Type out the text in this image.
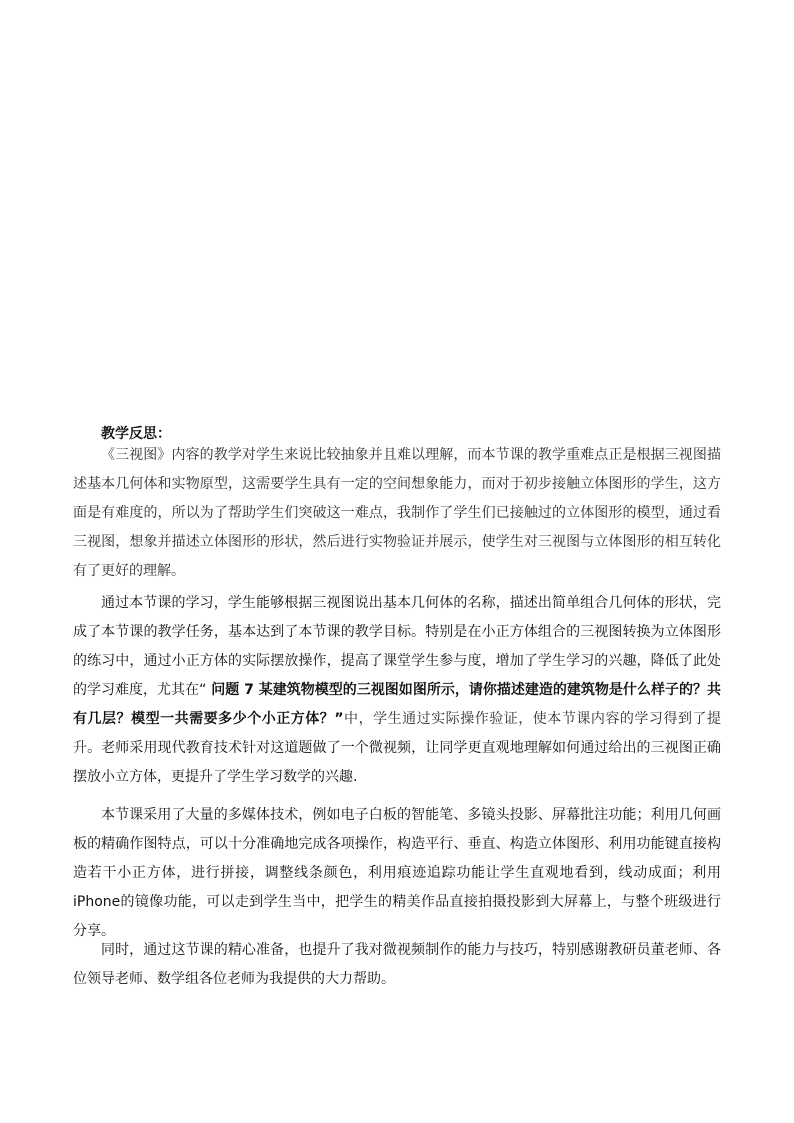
教学反思：

《三视图》内容的教学对学生来说比较抽象并且难以理解，而本节课的教学重难点正是根据三视图描述基本几何体和实物原型，这需要学生具有一定的空间想象能力，而对于初步接触立体图形的学生，这方面是有难度的，所以为了帮助学生们突破这一难点，我制作了学生们已接触过的立体图形的模型，通过看三视图，想象并描述立体图形的形状，然后进行实物验证并展示，使学生对三视图与立体图形的相互转化有了更好的理解。

通过本节课的学习，学生能够根据三视图说出基本几何体的名称，描述出简单组合几何体的形状，完成了本节课的教学任务，基本达到了本节课的教学目标。特别是在小正方体组合的三视图转换为立体图形的练习中，通过小正方体的实际摆放操作，提高了课堂学生参与度，增加了学生学习的兴趣，降低了此处的学习难度，尤其在“ 问题 7 某建筑物模型的三视图如图所示，请你描述建造的建筑物是什么样子的？共有几层？模型一共需要多少个小正方体？”中，学生通过实际操作验证，使本节课内容的学习得到了提升。老师采用现代教育技术针对这道题做了一个微视频，让同学更直观地理解如何通过给出的三视图正确摆放小立方体，更提升了学生学习数学的兴趣.

本节课采用了大量的多媒体技术，例如电子白板的智能笔、多镜头投影、屏幕批注功能；利用几何画板的精确作图特点，可以十分准确地完成各项操作，构造平行、垂直、构造立体图形、利用功能键直接构造若干小正方体，进行拼接，调整线条颜色，利用痕迹追踪功能让学生直观地看到，线动成面；利用iPhone的镜像功能，可以走到学生当中，把学生的精美作品直接拍摄投影到大屏幕上，与整个班级进行分享。

同时，通过这节课的精心准备，也提升了我对微视频制作的能力与技巧，特别感谢教研员董老师、各位领导老师、数学组各位老师为我提供的大力帮助。
